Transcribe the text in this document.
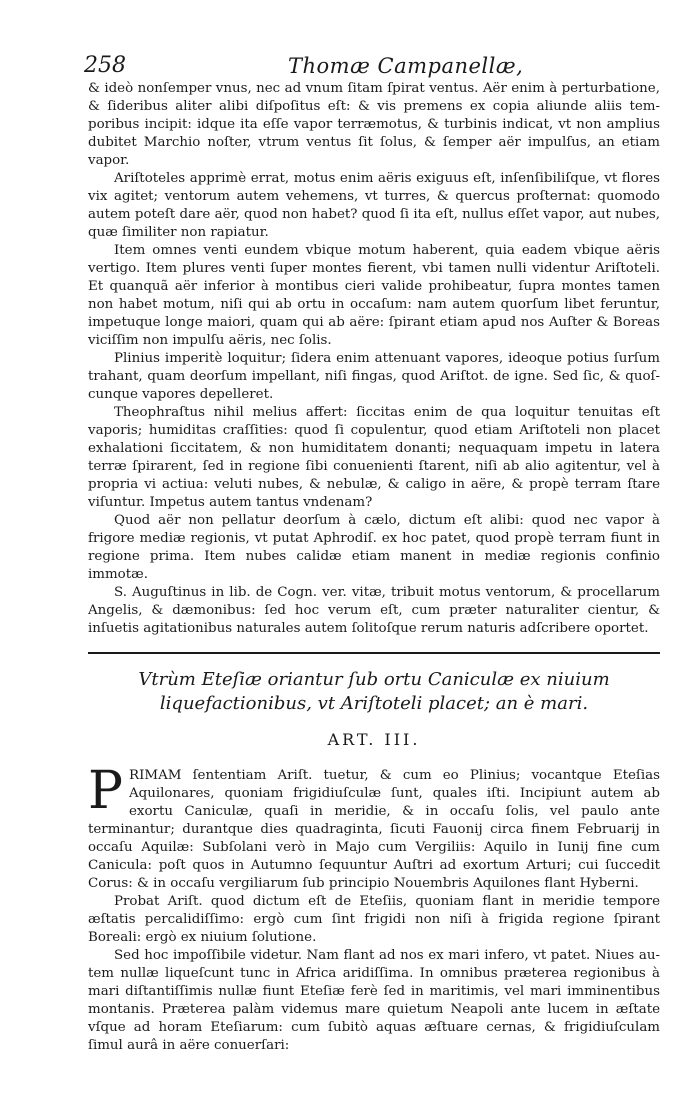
258	Thomæ Campanellæ,

& ideò nonſemper vnus, nec ad vnum ſitam ſpirat ventus. Aër enim à perturbatione, & ſideribus aliter alibi diſpoſitus eſt: & vis premens ex copia aliunde aliis temporibus incipit: idque ita eſſe vapor terræmotus, & turbinis indicat, vt non amplius dubitet Marchio noſter, vtrum ventus ſit ſolus, & ſemper aër impulſus, an etiam vapor.

Ariſtoteles apprimè errat, motus enim aëris exiguus eſt, inſenſibiliſque, vt flores vix agitet; ventorum autem vehemens, vt turres, & quercus proſternat: quomodo autem poteſt dare aër, quod non habet? quod ſi ita eſt, nullus eſſet vapor, aut nubes, quæ ſimiliter non rapiatur.

Item omnes venti eundem vbique motum haberent, quia eadem vbique aëris vertigo. Item plures venti ſuper montes fierent, vbi tamen nulli videntur Ariſtoteli. Et quanquã aër inferior à montibus cieri valide prohibeatur, ſupra montes tamen non habet motum, niſi qui ab ortu in occaſum: nam autem quorſum libet feruntur, impetuque longe maiori, quam qui ab aëre: ſpirant etiam apud nos Auſter & Boreas viciſſim non impulſu aëris, nec ſolis.

Plinius imperitè loquitur; ſidera enim attenuant vapores, ideoque potius ſurſum trahant, quam deorſum impellant, niſi fingas, quod Ariſtot. de igne. Sed ſic, & quoſcunque vapores depelleret.

Theophraſtus nihil melius affert: ſiccitas enim de qua loquitur tenuitas eſt vaporis; humiditas craſſities: quod ſi copulentur, quod etiam Ariſtoteli non placet exhalationi ſiccitatem, & non humiditatem donanti; nequaquam impetu in latera terræ ſpirarent, ſed in regione ſibi conuenienti ſtarent, niſi ab alio agitentur, vel à propria vi actiua: veluti nubes, & nebulæ, & caligo in aëre, & propè terram ſtare viſuntur. Impetus autem tantus vndenam?

Quod aër non pellatur deorſum à cælo, dictum eſt alibi: quod nec vapor à frigore mediæ regionis, vt putat Aphrodiſ. ex hoc patet, quod propè terram fiunt in regione prima. Item nubes calidæ etiam manent in mediæ regionis confinio immotæ.

S. Auguſtinus in lib. de Cogn. ver. vitæ, tribuit motus ventorum, & procellarum Angelis, & dæmonibus: ſed hoc verum eſt, cum præter naturaliter cientur, & inſuetis agitationibus naturales autem ſolitoſque rerum naturis adſcribere oportet.

Vtrùm Eteſiæ oriantur ſub ortu Caniculæ ex niuium liquefactionibus, vt Ariſtoteli placet; an è mari.
ART. III.

PRIMAM ſententiam Ariſt. tuetur, & cum eo Plinius; vocantque Eteſias Aquilonares, quoniam frigidiuſculæ ſunt, quales iſti. Incipiunt autem ab exortu Caniculæ, quaſi in meridie, & in occaſu ſolis, vel paulo ante terminantur; durantque dies quadraginta, ſicuti Fauonij circa finem Februarij in occaſu Aquilæ: Subſolani verò in Majo cum Vergiliis: Aquilo in Iunij fine cum Canicula: poſt quos in Autumno ſequuntur Auſtri ad exortum Arturi; cui ſuccedit Corus: & in occaſu vergiliarum ſub principio Nouembris Aquilones flant Hyberni.

Probat Ariſt. quod dictum eſt de Eteſiis, quoniam flant in meridie tempore æſtatis percalidiſſimo: ergò cum ſint frigidi non niſi à frigida regione ſpirant Boreali: ergò ex niuium ſolutione.

Sed hoc impoſſibile videtur. Nam flant ad nos ex mari infero, vt patet. Niues autem nullæ liqueſcunt tunc in Africa aridiſſima. In omnibus præterea regionibus à mari diſtantiſſimis nullæ fiunt Eteſiæ ferè ſed in maritimis, vel mari imminentibus montanis. Præterea palàm videmus mare quietum Neapoli ante lucem in æſtate vſque ad horam Eteſiarum: cum ſubitò aquas æſtuare cernas, & frigidiuſculam ſimul aurâ in aëre conuerſari:
